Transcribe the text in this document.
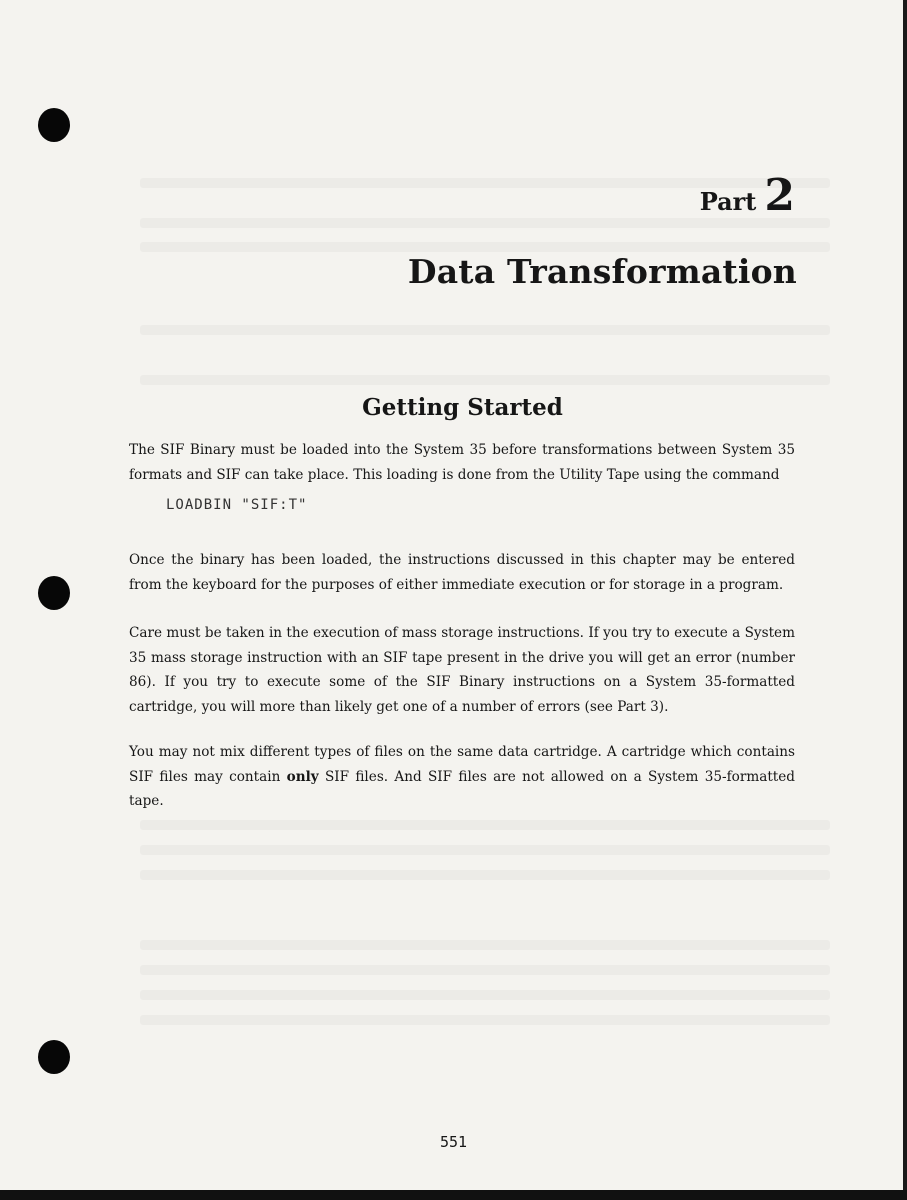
Part 2
Data Transformation
Getting Started

The SIF Binary must be loaded into the System 35 before transformations between System 35 formats and SIF can take place. This loading is done from the Utility Tape using the command

LOADBIN "SIF:T"

Once the binary has been loaded, the instructions discussed in this chapter may be entered from the keyboard for the purposes of either immediate execution or for storage in a program.

Care must be taken in the execution of mass storage instructions. If you try to execute a System 35 mass storage instruction with an SIF tape present in the drive you will get an error (number 86). If you try to execute some of the SIF Binary instructions on a System 35-formatted cartridge, you will more than likely get one of a number of errors (see Part 3).

You may not mix different types of files on the same data cartridge. A cartridge which contains SIF files may contain only SIF files. And SIF files are not allowed on a System 35-formatted tape.

551
